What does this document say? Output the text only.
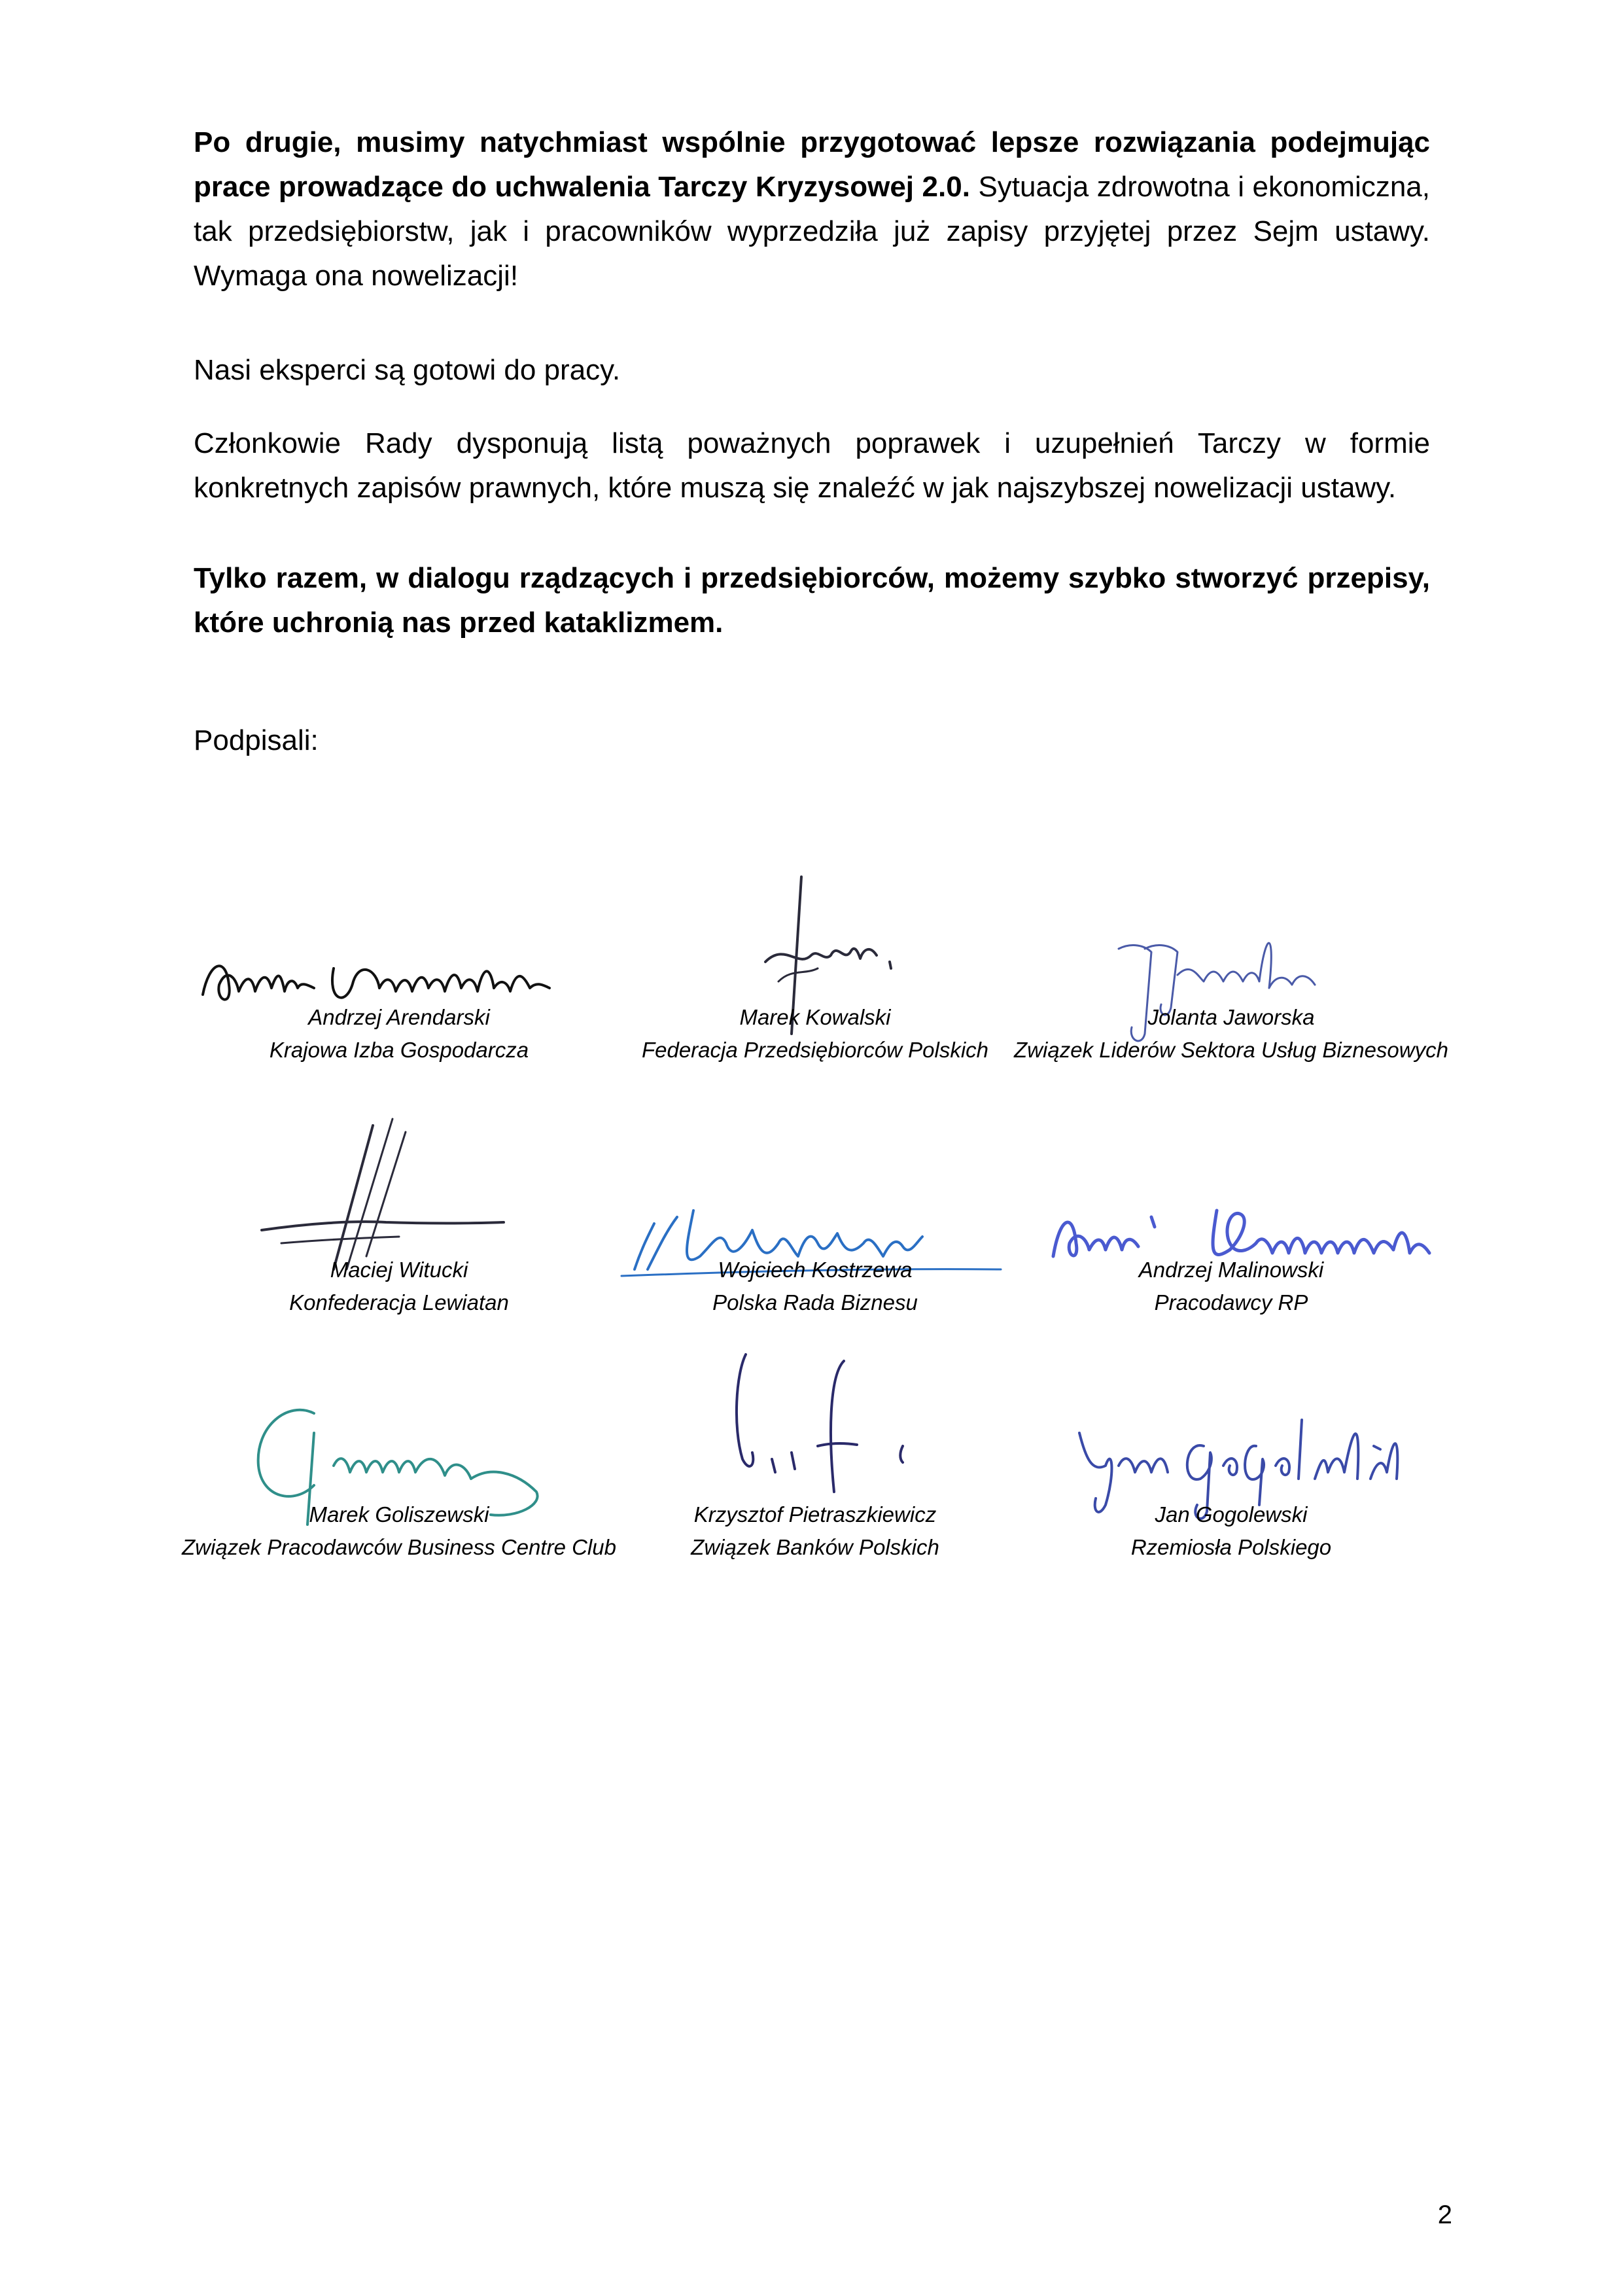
Po drugie, musimy natychmiast wspólnie przygotować lepsze rozwiązania podejmując prace prowadzące do uchwalenia Tarczy Kryzysowej 2.0. Sytuacja zdrowotna i ekonomiczna, tak przedsiębiorstw, jak i pracowników wyprzedziła już zapisy przyjętej przez Sejm ustawy. Wymaga ona nowelizacji!

Nasi eksperci są gotowi do pracy.

Członkowie Rady dysponują listą poważnych poprawek i uzupełnień Tarczy w formie konkretnych zapisów prawnych, które muszą się znaleźć w jak najszybszej nowelizacji ustawy.

Tylko razem, w dialogu rządzących i przedsiębiorców, możemy szybko stworzyć przepisy, które uchronią nas przed kataklizmem.

Podpisali:

Andrzej Arendarski
Krajowa Izba Gospodarcza
Marek Kowalski
Federacja Przedsiębiorców Polskich
Jolanta Jaworska
Związek Liderów Sektora Usług Biznesowych
Maciej Witucki
Konfederacja Lewiatan
Wojciech Kostrzewa
Polska Rada Biznesu
Andrzej Malinowski
Pracodawcy RP
Marek Goliszewski
Związek Pracodawców Business Centre Club
Krzysztof Pietraszkiewicz
Związek Banków Polskich
Jan Gogolewski
Rzemiosła Polskiego
2
